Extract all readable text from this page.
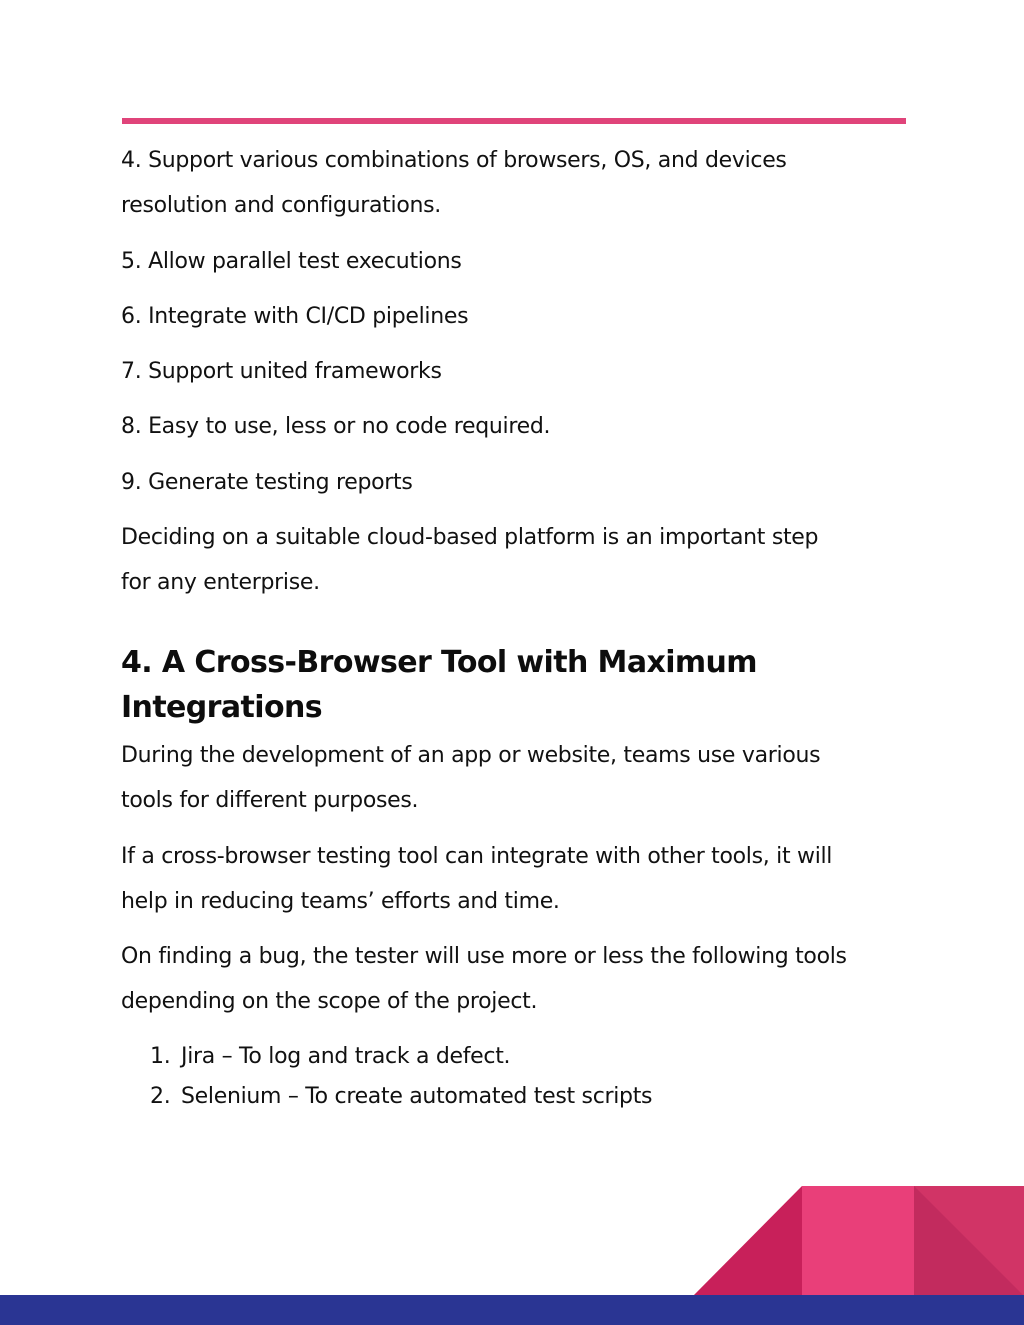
4. Support various combinations of browsers, OS, and devices

resolution and configurations.

5. Allow parallel test executions

6. Integrate with CI/CD pipelines

7. Support united frameworks

8. Easy to use, less or no code required.

9. Generate testing reports

Deciding on a suitable cloud-based platform is an important step

for any enterprise.

4. A Cross-Browser Tool with Maximum
Integrations

During the development of an app or website, teams use various

tools for different purposes.

If a cross-browser testing tool can integrate with other tools, it will

help in reducing teams’ efforts and time.

On finding a bug, the tester will use more or less the following tools

depending on the scope of the project.

1. Jira – To log and track a defect.
2. Selenium – To create automated test scripts
